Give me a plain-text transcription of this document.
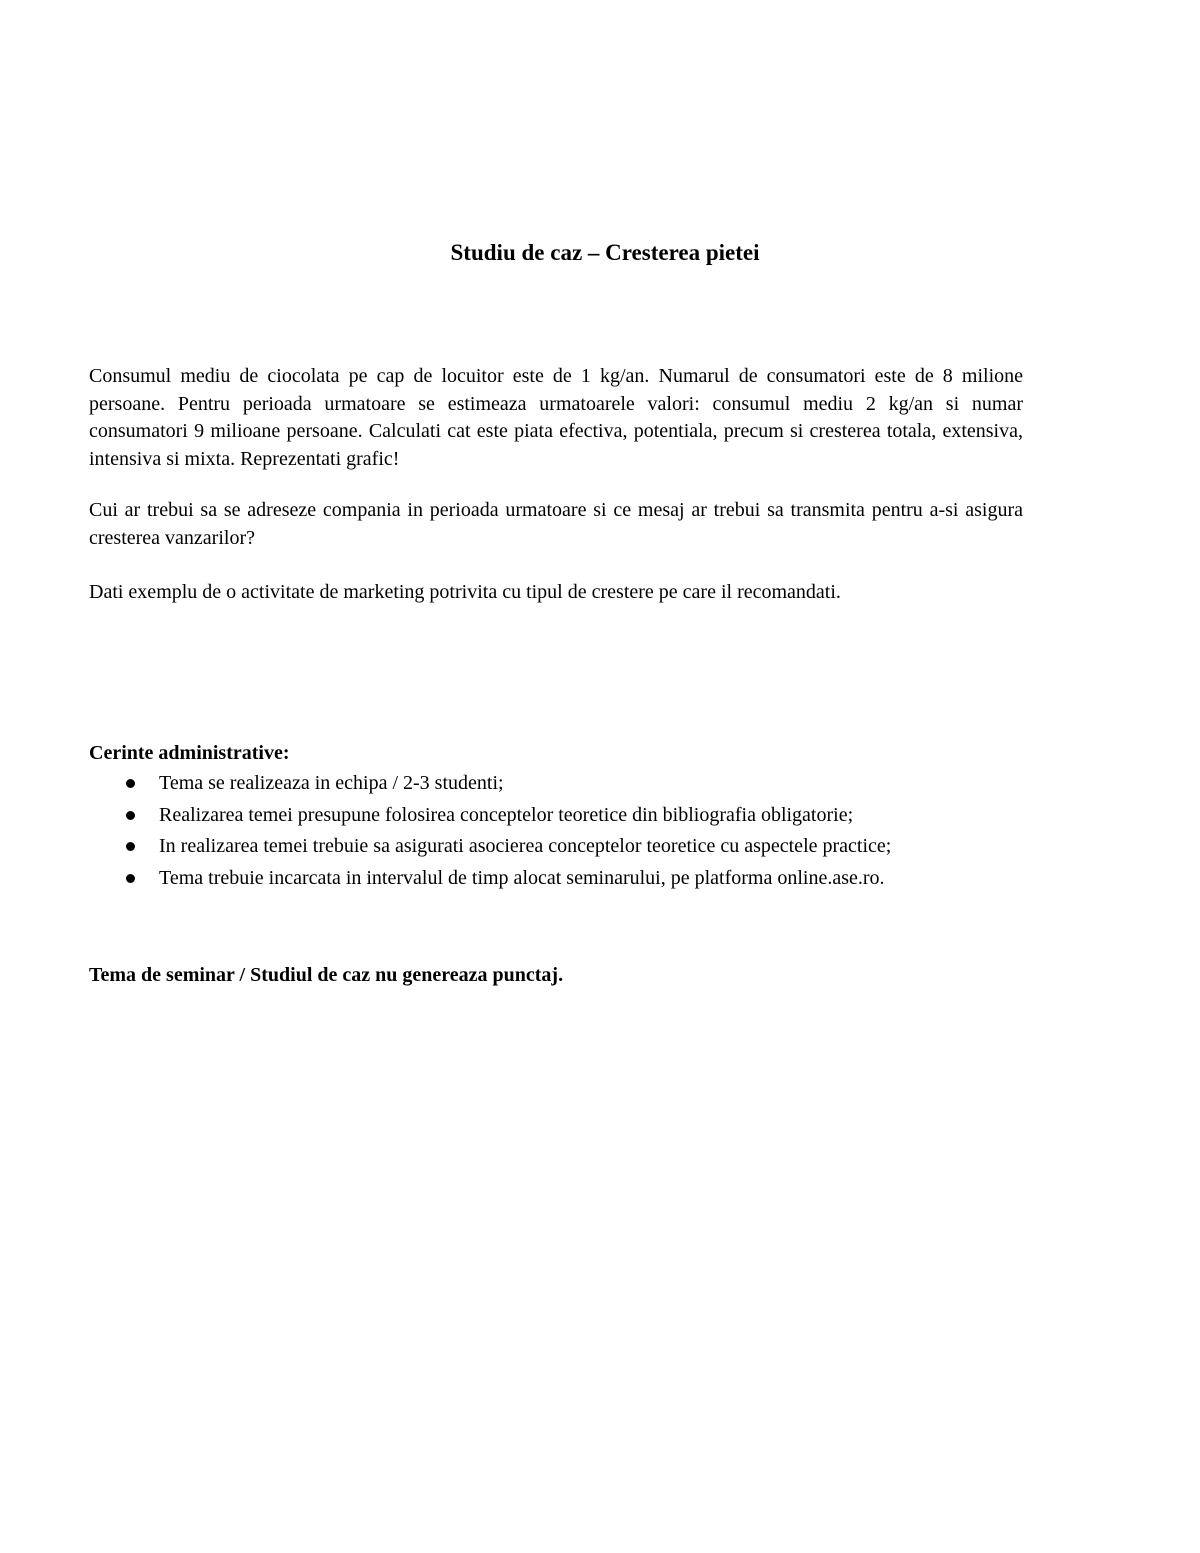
Studiu de caz – Cresterea pietei

Consumul mediu de ciocolata pe cap de locuitor este de 1 kg/an. Numarul de consumatori este de 8 milione persoane. Pentru perioada urmatoare se estimeaza urmatoarele valori: consumul mediu 2 kg/an si numar consumatori 9 milioane persoane. Calculati cat este piata efectiva, potentiala, precum si cresterea totala, extensiva, intensiva si mixta. Reprezentati grafic!

Cui ar trebui sa se adreseze compania in perioada urmatoare si ce mesaj ar trebui sa transmita pentru a-si asigura cresterea vanzarilor?

Dati exemplu de o activitate de marketing potrivita cu tipul de crestere pe care il recomandati.

Cerinte administrative:

Tema se realizeaza in echipa / 2-3 studenti;
Realizarea temei presupune folosirea conceptelor teoretice din bibliografia obligatorie;
In realizarea temei trebuie sa asigurati asocierea conceptelor teoretice cu aspectele practice;
Tema trebuie incarcata in intervalul de timp alocat seminarului, pe platforma online.ase.ro.

Tema de seminar / Studiul de caz nu genereaza punctaj.
